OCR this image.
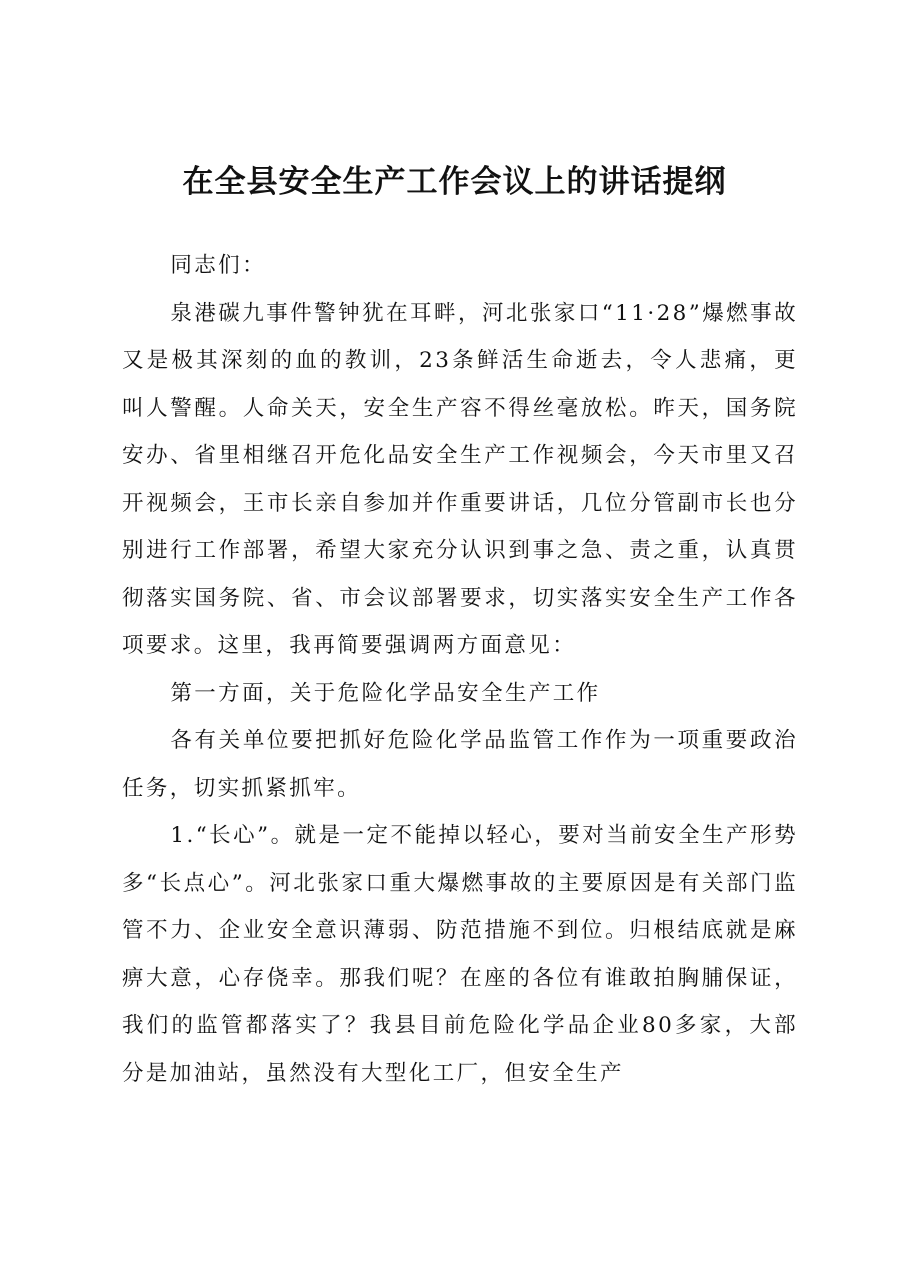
在全县安全生产工作会议上的讲话提纲

同志们：

泉港碳九事件警钟犹在耳畔，河北张家口“11·28”爆燃事故又是极其深刻的血的教训，23条鲜活生命逝去，令人悲痛，更叫人警醒。人命关天，安全生产容不得丝毫放松。昨天，国务院安办、省里相继召开危化品安全生产工作视频会，今天市里又召开视频会，王市长亲自参加并作重要讲话，几位分管副市长也分别进行工作部署，希望大家充分认识到事之急、责之重，认真贯彻落实国务院、省、市会议部署要求，切实落实安全生产工作各项要求。这里，我再简要强调两方面意见：

第一方面，关于危险化学品安全生产工作

各有关单位要把抓好危险化学品监管工作作为一项重要政治任务，切实抓紧抓牢。

1.“长心”。就是一定不能掉以轻心，要对当前安全生产形势多“长点心”。河北张家口重大爆燃事故的主要原因是有关部门监管不力、企业安全意识薄弱、防范措施不到位。归根结底就是麻痹大意，心存侥幸。那我们呢？在座的各位有谁敢拍胸脯保证，我们的监管都落实了？我县目前危险化学品企业80多家，大部分是加油站，虽然没有大型化工厂，但安全生产
